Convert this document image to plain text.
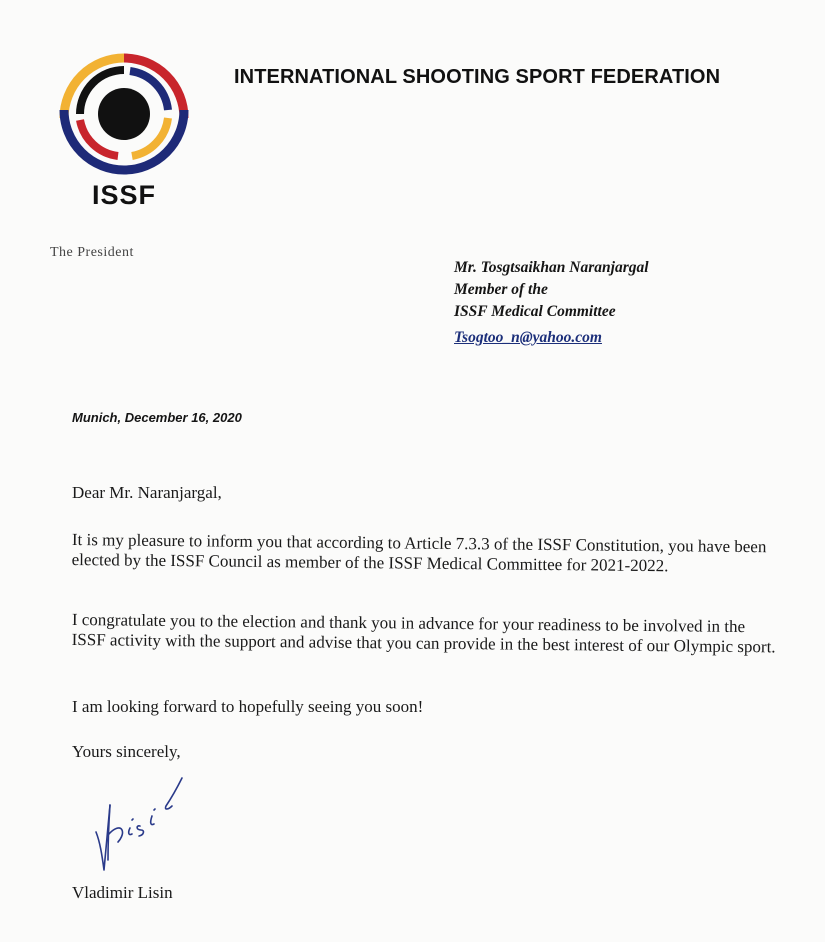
ISSF
INTERNATIONAL SHOOTING SPORT FEDERATION
The President
Mr. Tosgtsaikhan Naranjargal
Member of the
ISSF Medical Committee
Tsogtoo_n@yahoo.com
Munich, December 16, 2020
Dear Mr. Naranjargal,
It is my pleasure to inform you that according to Article 7.3.3 of the ISSF Constitution, you have been elected by the ISSF Council as member of the ISSF Medical Committee for 2021-2022.
I congratulate you to the election and thank you in advance for your readiness to be involved in the ISSF activity with the support and advise that you can provide in the best interest of our Olympic sport.
I am looking forward to hopefully seeing you soon!
Yours sincerely,
Vladimir Lisin
